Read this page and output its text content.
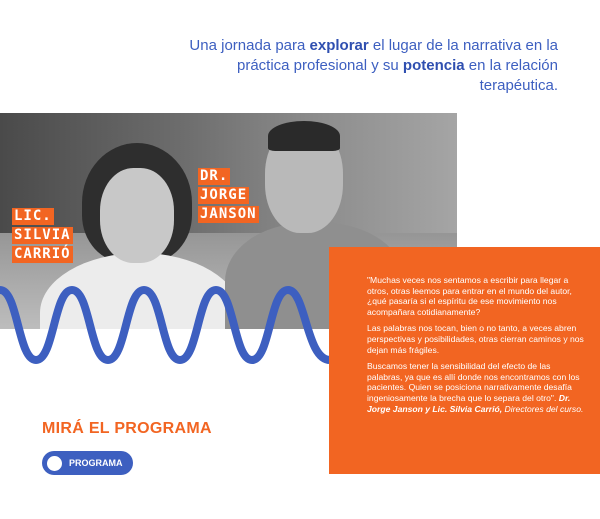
Una jornada para explorar el lugar de la narrativa en la práctica profesional y su potencia en la relación terapéutica.
LIC.
SILVIA
CARRIÓ
DR.
JORGE
JANSON

"Muchas veces nos sentamos a escribir para llegar a otros, otras leemos para entrar en el mundo del autor, ¿qué pasaría si el espíritu de ese movimiento nos acompañara cotidianamente?

Las palabras nos tocan, bien o no tanto, a veces abren perspectivas y posibilidades, otras cierran caminos y nos dejan más frágiles.

Buscamos tener la sensibilidad del efecto de las palabras, ya que es allí donde nos encontramos con los pacientes. Quien se posiciona narrativamente desafía ingeniosamente la brecha que lo separa del otro". Dr. Jorge Janson y Lic. Silvia Carrió, Directores del curso.

MIRÁ EL PROGRAMA
PROGRAMA
